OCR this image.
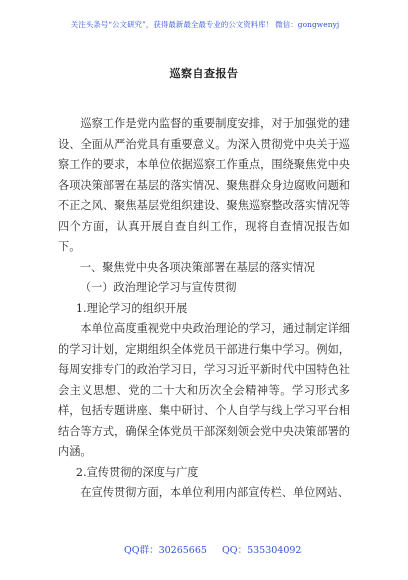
关注头条号“公文研究”，获得最新最全最专业的公文资料库！ 微信：gongwenyj
巡察自查报告

巡察工作是党内监督的重要制度安排，对于加强党的建设、全面从严治党具有重要意义。为深入贯彻党中央关于巡察工作的要求，本单位依据巡察工作重点，围绕聚焦党中央各项决策部署在基层的落实情况、聚焦群众身边腐败问题和不正之风、聚焦基层党组织建设、聚焦巡察整改落实情况等四个方面，认真开展自查自纠工作，现将自查情况报告如下。

一、聚焦党中央各项决策部署在基层的落实情况

（一）政治理论学习与宣传贯彻

1.理论学习的组织开展

本单位高度重视党中央政治理论的学习，通过制定详细的学习计划，定期组织全体党员干部进行集中学习。例如，每周安排专门的政治学习日，学习习近平新时代中国特色社会主义思想、党的二十大和历次全会精神等。学习形式多样，包括专题讲座、集中研讨、个人自学与线上学习平台相结合等方式，确保全体党员干部深刻领会党中央决策部署的内涵。

2.宣传贯彻的深度与广度

在宣传贯彻方面，本单位利用内部宣传栏、单位网站、

QQ群：30265665 QQ：535304092
